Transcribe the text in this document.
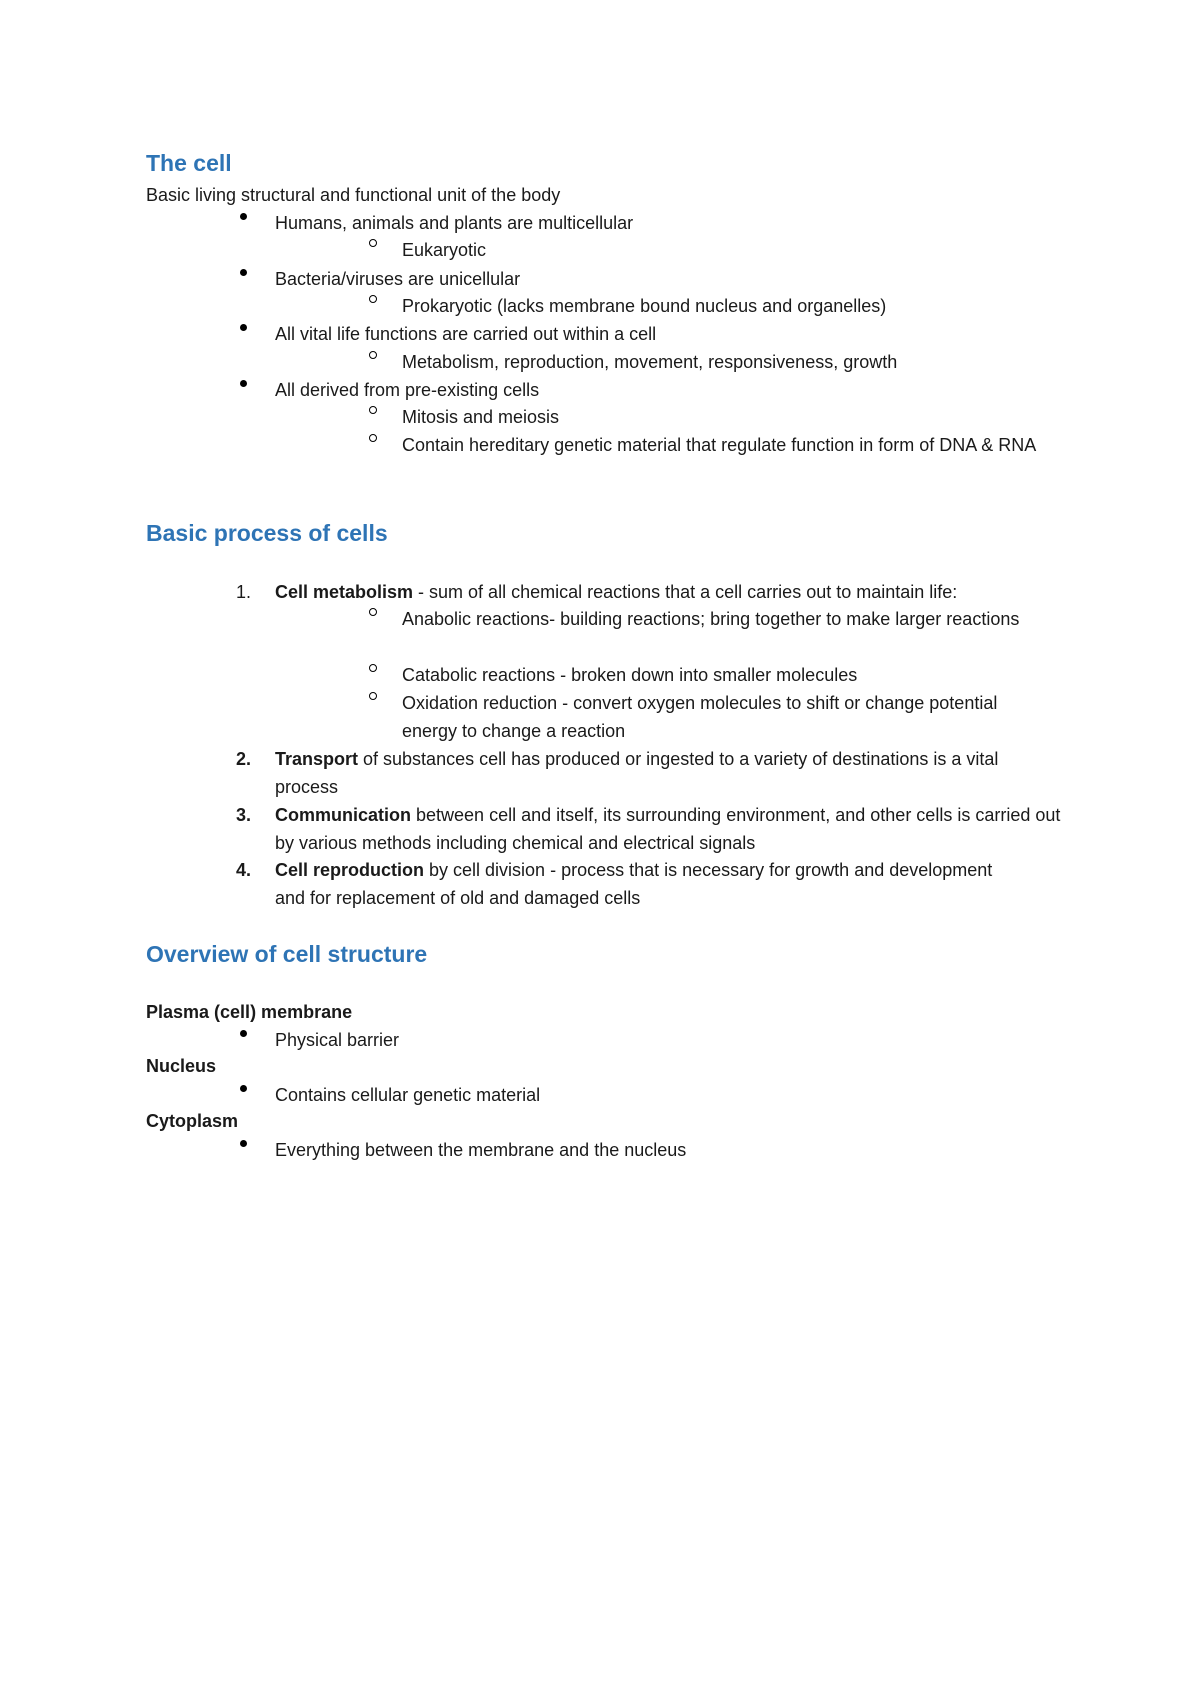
The cell

Basic living structural and functional unit of the body

Humans, animals and plants are multicellular

Eukaryotic

Bacteria/viruses are unicellular

Prokaryotic (lacks membrane bound nucleus and organelles)

All vital life functions are carried out within a cell

Metabolism, reproduction, movement, responsiveness, growth

All derived from pre-existing cells

Mitosis and meiosis

Contain hereditary genetic material that regulate function in form of DNA & RNA

Basic process of cells
1. Cell metabolism - sum of all chemical reactions that a cell carries out to maintain life:

Anabolic reactions- building reactions; bring together to make larger reactions

Catabolic reactions - broken down into smaller molecules

Oxidation reduction - convert oxygen molecules to shift or change potential energy to change a reaction

2. Transport of substances cell has produced or ingested to a variety of destinations is a vital process

3. Communication between cell and itself, its surrounding environment, and other cells is carried out by various methods including chemical and electrical signals

4. Cell reproduction by cell division - process that is necessary for growth and development and for replacement of old and damaged cells

Overview of cell structure

Plasma (cell) membrane

Physical barrier

Nucleus

Contains cellular genetic material

Cytoplasm

Everything between the membrane and the nucleus
